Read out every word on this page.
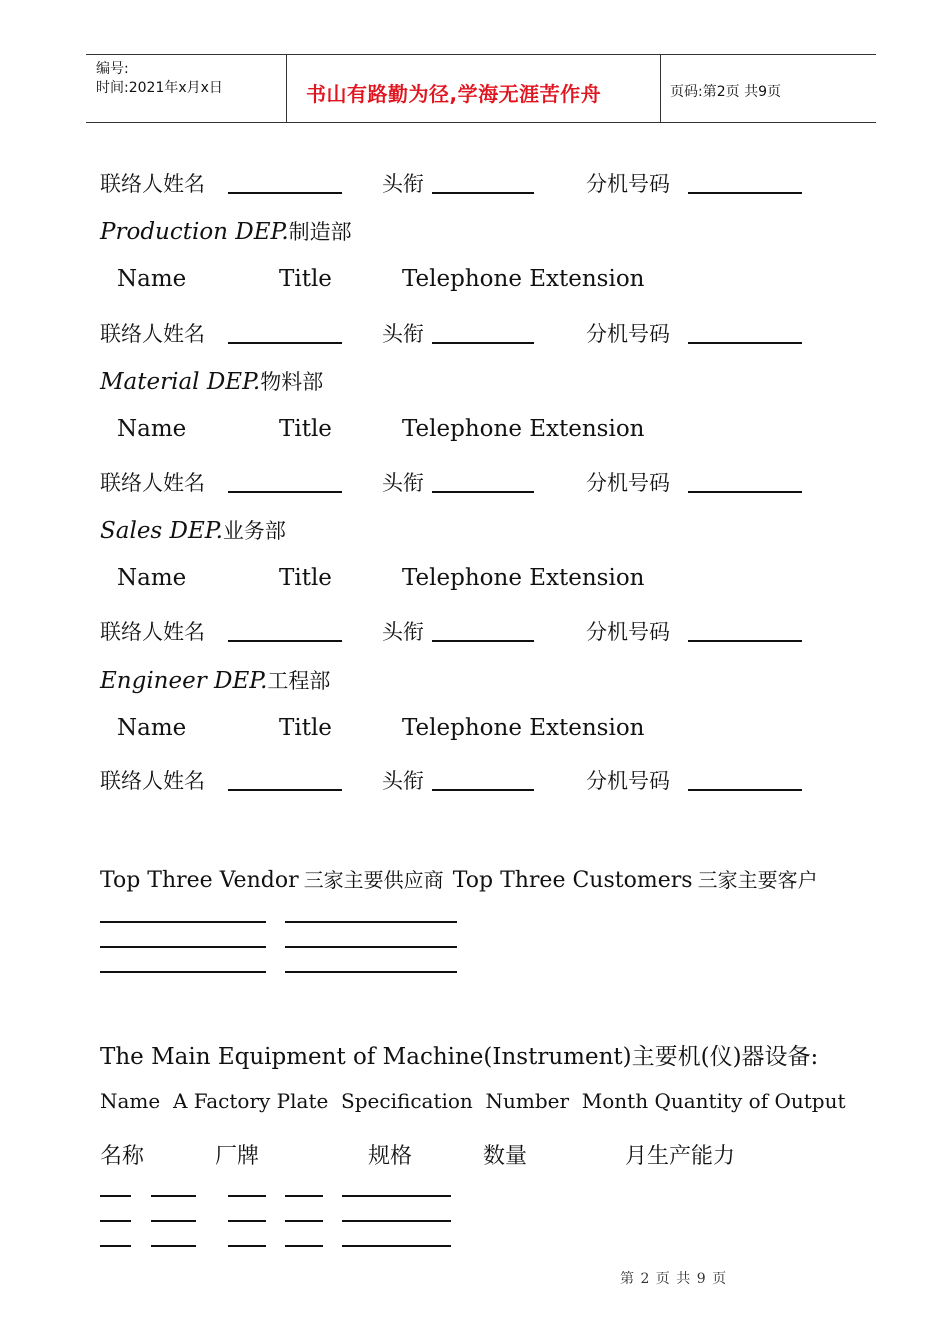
编号:
时间:2021年x月x日	书山有路勤为径,学海无涯苦作舟	页码:第2页 共9页
联络人姓名	头衔	分机号码
Production DEP.制造部
Name	Title	Telephone Extension
联络人姓名	头衔	分机号码
Material DEP.物料部
Name	Title	Telephone Extension
联络人姓名	头衔	分机号码
Sales DEP.业务部
Name	Title	Telephone Extension
联络人姓名	头衔	分机号码
Engineer DEP.工程部
Name	Title	Telephone Extension
联络人姓名	头衔	分机号码
Top Three Vendor 三家主要供应商 Top Three Customers 三家主要客户
The Main Equipment of Machine(Instrument)主要机(仪)器设备:
Name  A Factory Plate  Specification  Number  Month Quantity of Output
名称	厂牌	规格	数量	月生产能力
第 2 页 共 9 页
